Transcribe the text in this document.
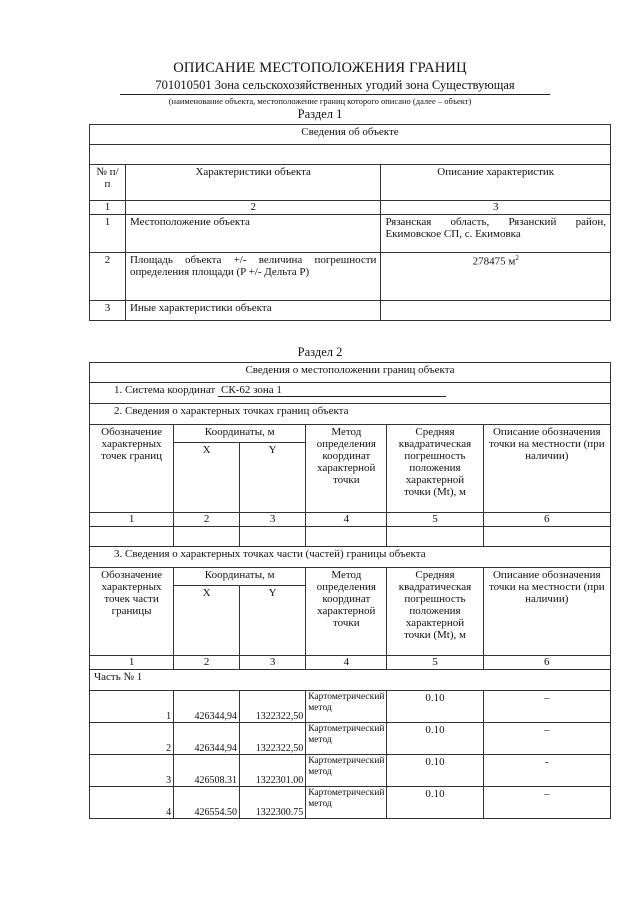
ОПИСАНИЕ МЕСТОПОЛОЖЕНИЯ ГРАНИЦ
701010501 Зона сельскохозяйственных угодий зона Существующая
(наименование объекта, местоположение границ которого описано (далее – объект)
Раздел 1
Сведения об объекте		

№ п/п	Характеристики объекта	Описание характеристик
1	2	3
1	Местоположение объекта	Рязанская область, Рязанский район, Екимовское СП, с. Екимовка
2	Площадь объекта +/- величина погрешности определения площади (P +/- Дельта P)	278475 $м^2$
3	Иные характеристики объекта	
Раздел 2
Сведения о местоположении границ объекта					
1. Система координат СК-62 зона 1					
2. Сведения о характерных точках границ объекта					
Обозначение характерных точек границ	Координаты, м		Метод определения координат характерной точки	Средняя квадратическая погрешность положения характерной точки (Mt), м	Описание обозначения точки на местности (при наличии)
	X	Y			
1	2	3	4	5	6

3. Сведения о характерных точках части (частей) границы объекта					
Обозначение характерных точек части границы	Координаты, м		Метод определения координат характерной точки	Средняя квадратическая погрешность положения характерной точки (Mt), м	Описание обозначения точки на местности (при наличии)
	X	Y			
1	2	3	4	5	6
Часть № 1					
1	426344,94	1322322,50	Картометрический метод	0.10	–
2	426344,94	1322322,50	Картометрический метод	0.10	–
3	426508.31	1322301.00	Картометрический метод	0.10	-
4	426554.50	1322300.75	Картометрический метод	0.10	–
